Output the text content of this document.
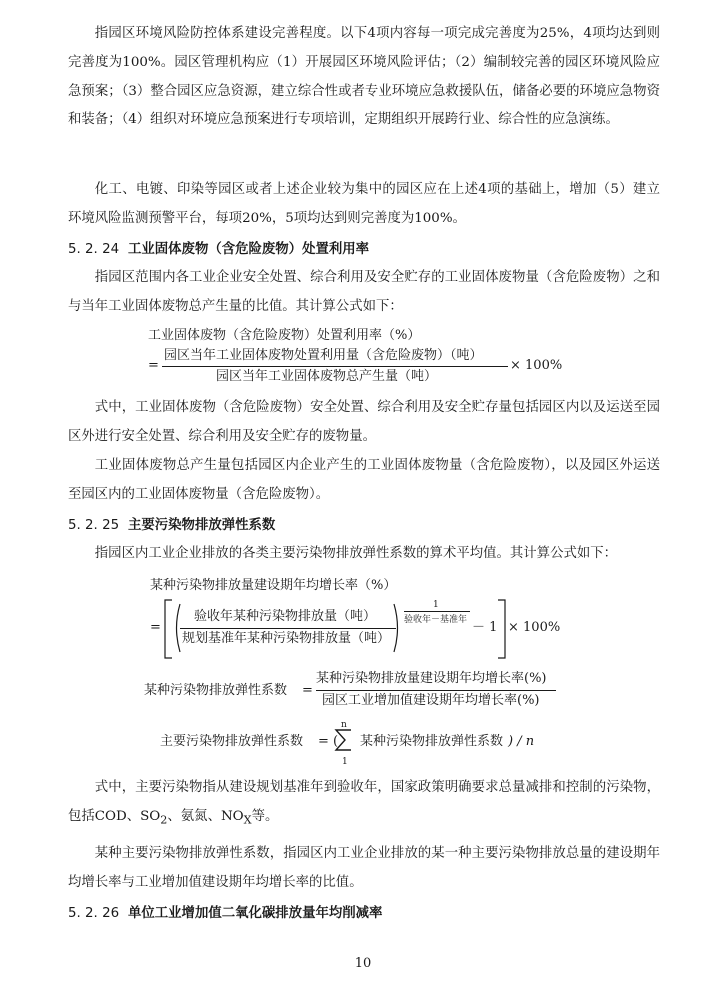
指园区环境风险防控体系建设完善程度。以下4项内容每一项完成完善度为25%，4项均达到则完善度为100%。园区管理机构应（1）开展园区环境风险评估；（2）编制较完善的园区环境风险应急预案；（3）整合园区应急资源，建立综合性或者专业环境应急救援队伍，储备必要的环境应急物资和装备；（4）组织对环境应急预案进行专项培训，定期组织开展跨行业、综合性的应急演练。

化工、电镀、印染等园区或者上述企业较为集中的园区应在上述4项的基础上，增加（5）建立环境风险监测预警平台，每项20%，5项均达到则完善度为100%。

5. 2. 24 工业固体废物（含危险废物）处置利用率

指园区范围内各工业企业安全处置、综合利用及安全贮存的工业固体废物量（含危险废物）之和与当年工业固体废物总产生量的比值。其计算公式如下：

工业固体废物（含危险废物）处置利用率（%）
=
园区当年工业固体废物处置利用量（含危险废物）（吨）
园区当年工业固体废物总产生量（吨）
× 100%

式中，工业固体废物（含危险废物）安全处置、综合利用及安全贮存量包括园区内以及运送至园区外进行安全处置、综合利用及安全贮存的废物量。

工业固体废物总产生量包括园区内企业产生的工业固体废物量（含危险废物），以及园区外运送至园区内的工业固体废物量（含危险废物）。

5. 2. 25 主要污染物排放弹性系数

指园区内工业企业排放的各类主要污染物排放弹性系数的算术平均值。其计算公式如下：

某种污染物排放量建设期年均增长率（%）
=
验收年某种污染物排放量（吨）
规划基准年某种污染物排放量（吨）
1
验收年－基准年 － 1 × 100%
某种污染物排放弹性系数 =
某种污染物排放量建设期年均增长率(%)
园区工业增加值建设期年均增长率(%)
主要污染物排放弹性系数 = (
n
1
某种污染物排放弹性系数 ) / n

式中，主要污染物指从建设规划基准年到验收年，国家政策明确要求总量减排和控制的污染物，包括COD、$SO_2$、氨氮、$NO_X$等。

某种主要污染物排放弹性系数，指园区内工业企业排放的某一种主要污染物排放总量的建设期年均增长率与工业增加值建设期年均增长率的比值。

5. 2. 26 单位工业增加值二氧化碳排放量年均削减率
10
